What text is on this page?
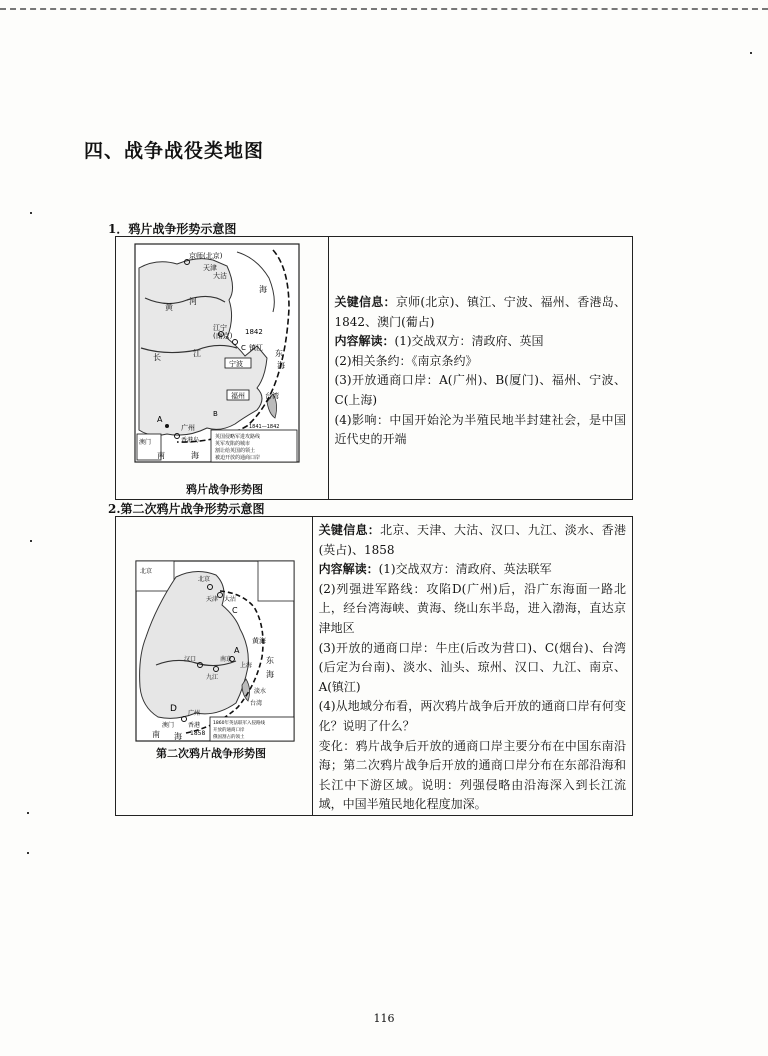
四、战争战役类地图
1．鸦片战争形势示意图
京师(北京)
天津
大沽
黄
河
海
江宁
(南京) 1842
C 镇江
长	江
宁波
东
海
福州	台湾
B
A
广州
澳门	香港岛
南	海
英国侵略军进攻路线
英军攻陷的城市
割让给英国的领土
被迫开放的通商口岸
1841—1842
鸦片战争形势图

关键信息：京师(北京)、镇江、宁波、福州、香港岛、1842、澳门(葡占)

内容解读：(1)交战双方：清政府、英国

(2)相关条约：《南京条约》

(3)开放通商口岸：A(广州)、B(厦门)、福州、宁波、C(上海)

(4)影响：中国开始沦为半殖民地半封建社会，是中国近代史的开端

2.第二次鸦片战争形势示意图
北京
北京
天津 大沽
C
黄海
A
汉口
九江
南京
上海
东
海
淡水
台湾
D 广州
澳门 香港
1858
南 海
1860年英法联军入侵路线
开放的通商口岸
俄国割占的领土
第二次鸦片战争形势图

关键信息：北京、天津、大沽、汉口、九江、淡水、香港(英占)、1858

内容解读：(1)交战双方：清政府、英法联军

(2)列强进军路线：攻陷D(广州)后，沿广东海面一路北上，经台湾海峡、黄海、绕山东半岛，进入渤海，直达京津地区

(3)开放的通商口岸：牛庄(后改为营口)、C(烟台)、台湾(后定为台南)、淡水、汕头、琼州、汉口、九江、南京、A(镇江)

(4)从地域分布看，两次鸦片战争后开放的通商口岸有何变化？说明了什么？

变化：鸦片战争后开放的通商口岸主要分布在中国东南沿海；第二次鸦片战争后开放的通商口岸分布在东部沿海和长江中下游区域。说明：列强侵略由沿海深入到长江流域，中国半殖民地化程度加深。

116
